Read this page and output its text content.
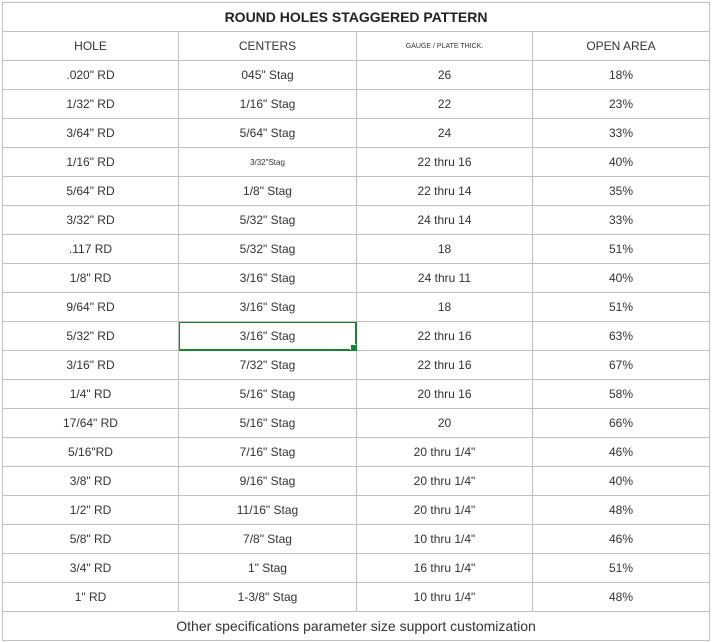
ROUND HOLES STAGGERED PATTERN			
HOLE	CENTERS	GAUGE / PLATE THICK.	OPEN AREA
.020" RD	045" Stag	26	18%
1/32" RD	1/16" Stag	22	23%
3/64" RD	5/64" Stag	24	33%
1/16" RD	3/32"Stag	22 thru 16	40%
5/64" RD	1/8" Stag	22 thru 14	35%
3/32" RD	5/32" Stag	24 thru 14	33%
.117 RD	5/32" Stag	18	51%
1/8" RD	3/16" Stag	24 thru 11	40%
9/64" RD	3/16" Stag	18	51%
5/32" RD	3/16" Stag	22 thru 16	63%
3/16" RD	7/32" Stag	22 thru 16	67%
1/4" RD	5/16" Stag	20 thru 16	58%
17/64" RD	5/16" Stag	20	66%
5/16"RD	7/16" Stag	20 thru 1/4"	46%
3/8" RD	9/16" Stag	20 thru 1/4"	40%
1/2" RD	11/16" Stag	20 thru 1/4"	48%
5/8" RD	7/8" Stag	10 thru 1/4"	46%
3/4" RD	1" Stag	16 thru 1/4"	51%
1" RD	1-3/8" Stag	10 thru 1/4"	48%
Other specifications parameter size support customization			
